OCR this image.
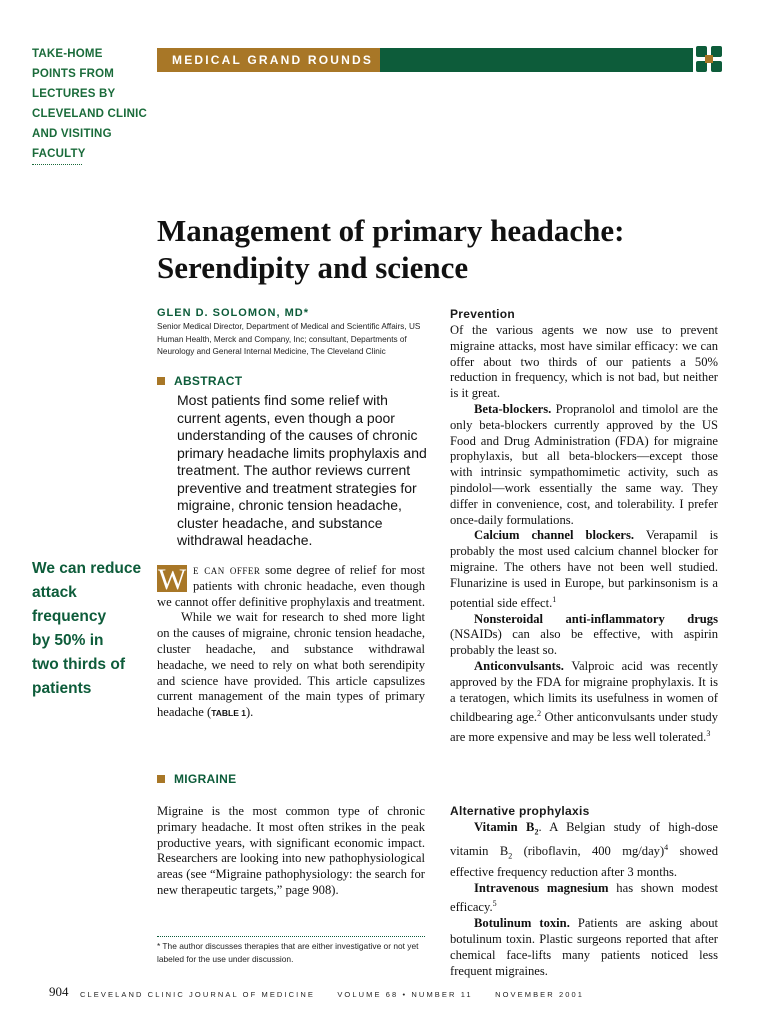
TAKE-HOME
POINTS FROM
LECTURES BY
CLEVELAND CLINIC
AND VISITING
FACULTY
MEDICAL GRAND ROUNDS
Management of primary headache:
Serendipity and science
GLEN D. SOLOMON, MD*
Senior Medical Director, Department of Medical and Scientific Affairs, US Human Health, Merck and Company, Inc; consultant, Departments of Neurology and General Internal Medicine, The Cleveland Clinic
ABSTRACT
Most patients find some relief with current agents, even though a poor understanding of the causes of chronic primary headache limits prophylaxis and treatment. The author reviews current preventive and treatment strategies for migraine, chronic tension headache, cluster headache, and substance withdrawal headache.
We can reduce
attack frequency
by 50% in
two thirds of
patients

W e can offer some degree of relief for most patients with chronic headache, even though we cannot offer definitive prophylaxis and treatment.

While we wait for research to shed more light on the causes of migraine, chronic tension headache, cluster headache, and substance withdrawal headache, we need to rely on what both serendipity and science have provided. This article capsulizes current management of the main types of primary headache (TABLE 1).

MIGRAINE
Migraine is the most common type of chronic primary headache. It most often strikes in the peak productive years, with significant economic impact. Researchers are looking into new pathophysiological areas (see “Migraine pathophysiology: the search for new therapeutic targets,” page 908).
* The author discusses therapies that are either investigative or not yet labeled for the use under discussion.
Prevention

Of the various agents we now use to prevent migraine attacks, most have similar efficacy: we can offer about two thirds of our patients a 50% reduction in frequency, which is not bad, but neither is it great.

Beta-blockers. Propranolol and timolol are the only beta-blockers currently approved by the US Food and Drug Administration (FDA) for migraine prophylaxis, but all beta-blockers—except those with intrinsic sympathomimetic activity, such as pindolol—work essentially the same way. They differ in convenience, cost, and tolerability. I prefer once-daily formulations.

Calcium channel blockers. Verapamil is probably the most used calcium channel blocker for migraine. The others have not been well studied. Flunarizine is used in Europe, but parkinsonism is a potential side effect.$^1$

Nonsteroidal anti-inflammatory drugs (NSAIDs) can also be effective, with aspirin probably the least so.

Anticonvulsants. Valproic acid was recently approved by the FDA for migraine prophylaxis. It is a teratogen, which limits its usefulness in women of childbearing age.$^2$ Other anticonvulsants under study are more expensive and may be less well tolerated.$^3$

Alternative prophylaxis

Vitamin $B_2$. A Belgian study of high-dose vitamin $B_2$ (riboflavin, 400 mg/day)$^4$ showed effective frequency reduction after 3 months.

Intravenous magnesium has shown modest efficacy.$^5$

Botulinum toxin. Patients are asking about botulinum toxin. Plastic surgeons reported that after chemical face-lifts many patients noticed less frequent migraines.

904 CLEVELAND CLINIC JOURNAL OF MEDICINE	VOLUME 68 • NUMBER 11	NOVEMBER 2001
